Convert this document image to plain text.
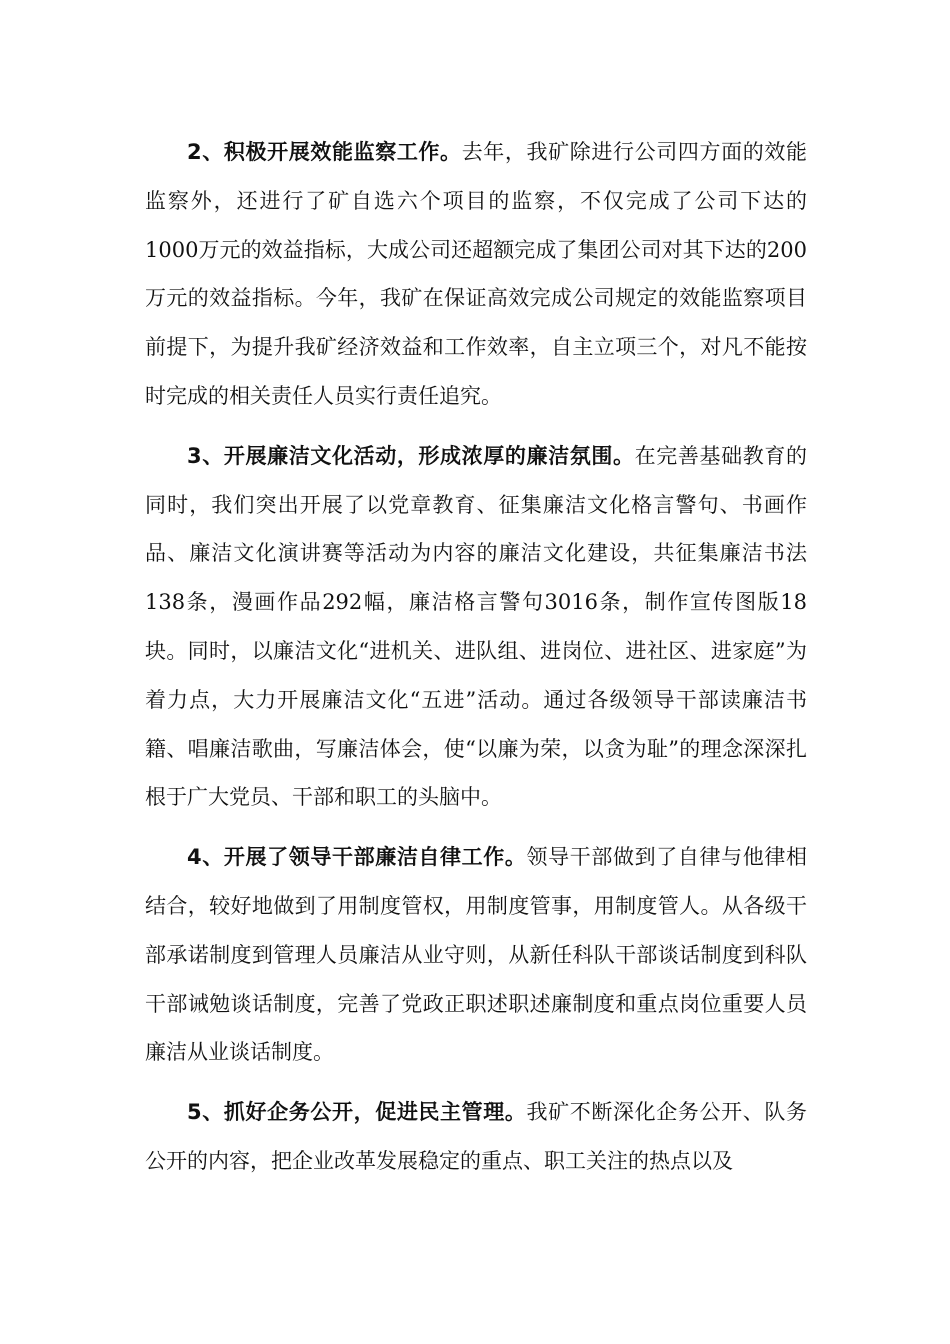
2、积极开展效能监察工作。去年，我矿除进行公司四方面的效能监察外，还进行了矿自选六个项目的监察，不仅完成了公司下达的1000万元的效益指标，大成公司还超额完成了集团公司对其下达的200万元的效益指标。今年，我矿在保证高效完成公司规定的效能监察项目前提下，为提升我矿经济效益和工作效率，自主立项三个，对凡不能按时完成的相关责任人员实行责任追究。

3、开展廉洁文化活动，形成浓厚的廉洁氛围。在完善基础教育的同时，我们突出开展了以党章教育、征集廉洁文化格言警句、书画作品、廉洁文化演讲赛等活动为内容的廉洁文化建设，共征集廉洁书法138条，漫画作品292幅，廉洁格言警句3016条，制作宣传图版18块。同时，以廉洁文化“进机关、进队组、进岗位、进社区、进家庭”为着力点，大力开展廉洁文化“五进”活动。通过各级领导干部读廉洁书籍、唱廉洁歌曲，写廉洁体会，使“以廉为荣，以贪为耻”的理念深深扎根于广大党员、干部和职工的头脑中。

4、开展了领导干部廉洁自律工作。领导干部做到了自律与他律相结合，较好地做到了用制度管权，用制度管事，用制度管人。从各级干部承诺制度到管理人员廉洁从业守则，从新任科队干部谈话制度到科队干部诫勉谈话制度，完善了党政正职述职述廉制度和重点岗位重要人员廉洁从业谈话制度。

5、抓好企务公开，促进民主管理。我矿不断深化企务公开、队务公开的内容，把企业改革发展稳定的重点、职工关注的热点以及
